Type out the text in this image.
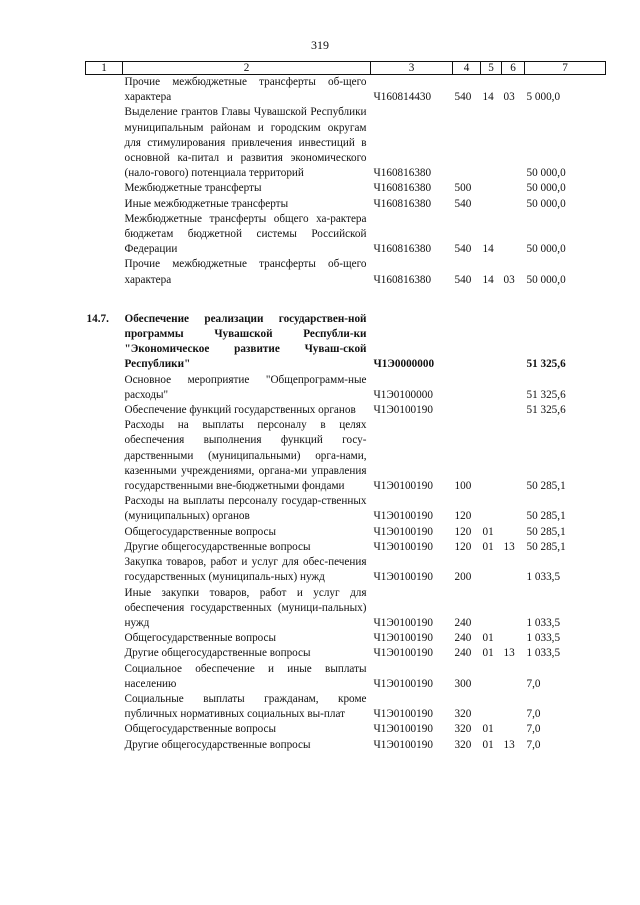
319
1	2	3	4	5	6	7
	Прочие межбюджетные трансферты об-щего характера	Ч160814430	540	14	03	5 000,0
	Выделение грантов Главы Чувашской Республики муниципальным районам и городским округам для стимулирования привлечения инвестиций в основной ка-питал и развития экономического (нало-гового) потенциала территорий	Ч160816380				50 000,0
	Межбюджетные трансферты	Ч160816380	500			50 000,0
	Иные межбюджетные трансферты	Ч160816380	540			50 000,0
	Межбюджетные трансферты общего ха-рактера бюджетам бюджетной системы Российской Федерации	Ч160816380	540	14		50 000,0
	Прочие межбюджетные трансферты об-щего характера	Ч160816380	540	14	03	50 000,0

14.7.	Обеспечение реализации государствен-ной программы Чувашской Республи-ки "Экономическое развитие Чуваш-ской Республики"	Ч1Э0000000				51 325,6
	Основное мероприятие "Общепрограмм-ные расходы"	Ч1Э0100000				51 325,6
	Обеспечение функций государственных органов	Ч1Э0100190				51 325,6
	Расходы на выплаты персоналу в целях обеспечения выполнения функций госу-дарственными (муниципальными) орга-нами, казенными учреждениями, органа-ми управления государственными вне-бюджетными фондами	Ч1Э0100190	100			50 285,1
	Расходы на выплаты персоналу государ-ственных (муниципальных) органов	Ч1Э0100190	120			50 285,1
	Общегосударственные вопросы	Ч1Э0100190	120	01		50 285,1
	Другие общегосударственные вопросы	Ч1Э0100190	120	01	13	50 285,1
	Закупка товаров, работ и услуг для обес-печения государственных (муниципаль-ных) нужд	Ч1Э0100190	200			1 033,5
	Иные закупки товаров, работ и услуг для обеспечения государственных (муници-пальных) нужд	Ч1Э0100190	240			1 033,5
	Общегосударственные вопросы	Ч1Э0100190	240	01		1 033,5
	Другие общегосударственные вопросы	Ч1Э0100190	240	01	13	1 033,5
	Социальное обеспечение и иные выплаты населению	Ч1Э0100190	300			7,0
	Социальные выплаты гражданам, кроме публичных нормативных социальных вы-плат	Ч1Э0100190	320			7,0
	Общегосударственные вопросы	Ч1Э0100190	320	01		7,0
	Другие общегосударственные вопросы	Ч1Э0100190	320	01	13	7,0
